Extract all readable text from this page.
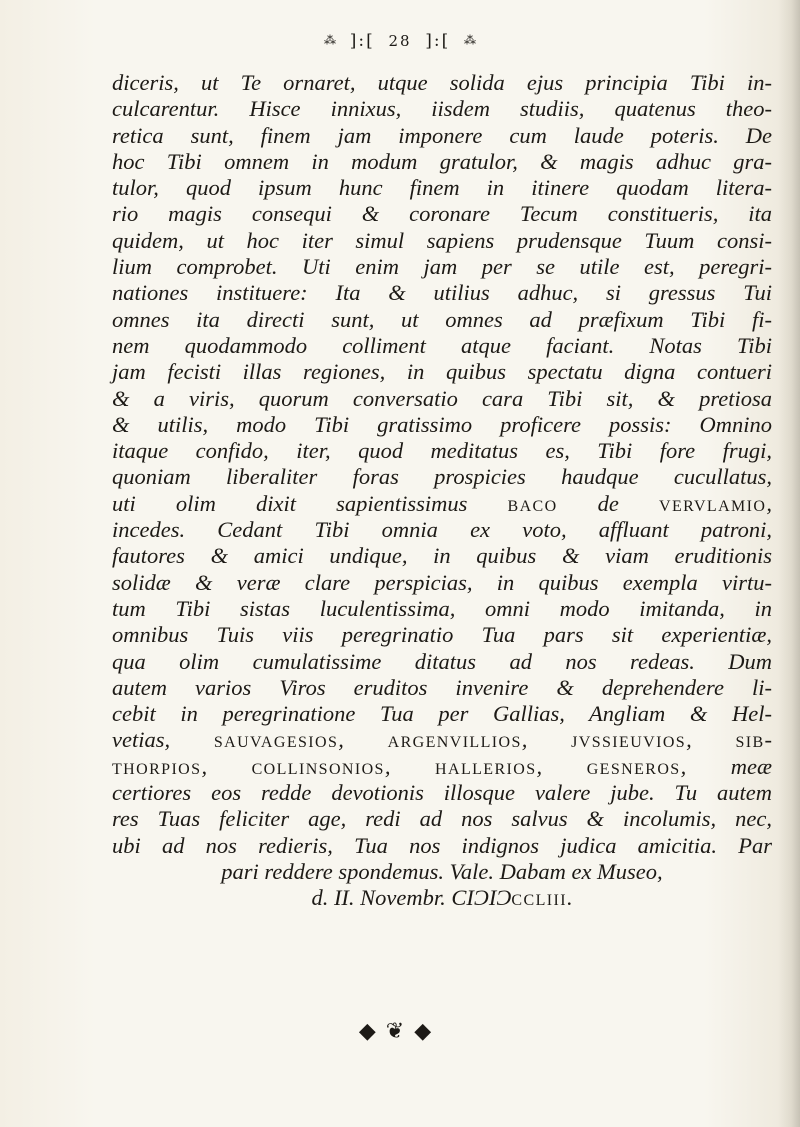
⁂ ]:[ 28 ]:[ ⁂
diceris, ut Te ornaret, utque solida ejus principia Tibi in-
culcarentur. Hisce innixus, iisdem studiis, quatenus theo-
retica sunt, finem jam imponere cum laude poteris. De
hoc Tibi omnem in modum gratulor, & magis adhuc gra-
tulor, quod ipsum hunc finem in itinere quodam litera-
rio magis consequi & coronare Tecum constitueris, ita
quidem, ut hoc iter simul sapiens prudensque Tuum consi-
lium comprobet. Uti enim jam per se utile est, peregri-
nationes instituere: Ita & utilius adhuc, si gressus Tui
omnes ita directi sunt, ut omnes ad præfixum Tibi fi-
nem quodammodo colliment atque faciant. Notas Tibi
jam fecisti illas regiones, in quibus spectatu digna contueri
& a viris, quorum conversatio cara Tibi sit, & pretiosa
& utilis, modo Tibi gratissimo proficere possis: Omnino
itaque confido, iter, quod meditatus es, Tibi fore frugi,
quoniam liberaliter foras prospicies haudque cucullatus,
uti olim dixit sapientissimus BACO de VERVLAMIO,
incedes. Cedant Tibi omnia ex voto, affluant patroni,
fautores & amici undique, in quibus & viam eruditionis
solidæ & veræ clare perspicias, in quibus exempla virtu-
tum Tibi sistas luculentissima, omni modo imitanda, in
omnibus Tuis viis peregrinatio Tua pars sit experientiæ,
qua olim cumulatissime ditatus ad nos redeas. Dum
autem varios Viros eruditos invenire & deprehendere li-
cebit in peregrinatione Tua per Gallias, Angliam & Hel-
vetias, SAUVAGESIOS, ARGENVILLIOS, JVSSIEUVIOS, SIB-
THORPIOS, COLLINSONIOS, HALLERIOS, GESNEROS, meæ
certiores eos redde devotionis illosque valere jube. Tu autem
res Tuas feliciter age, redi ad nos salvus & incolumis, nec,
ubi ad nos redieris, Tua nos indignos judica amicitia. Par
pari reddere spondemus. Vale. Dabam ex Museo,
d. II. Novembr. CIƆIƆCCLIII.
◆❦◆
